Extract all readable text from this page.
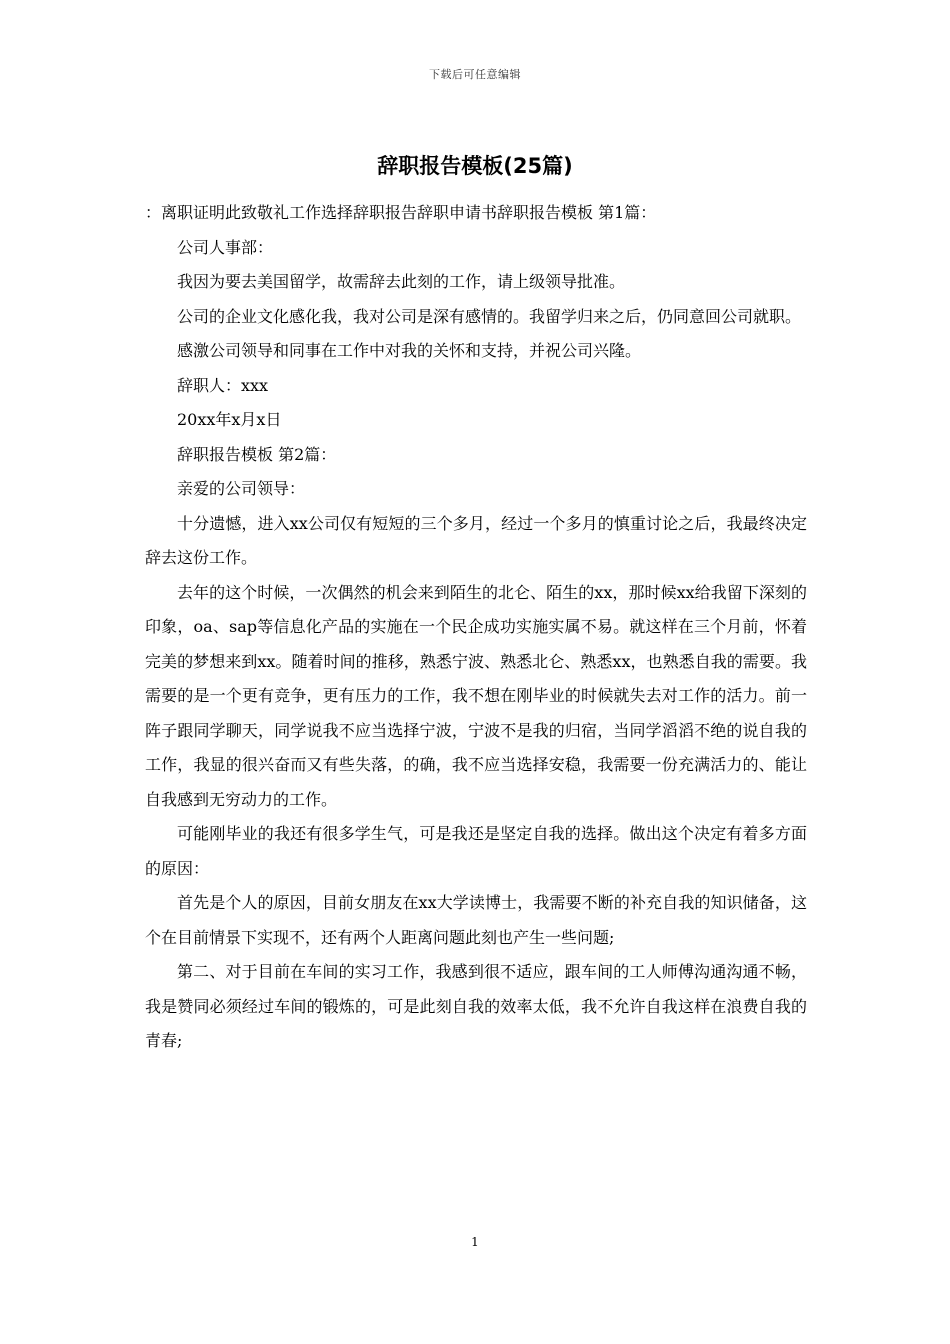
下载后可任意编辑
辞职报告模板(25篇)

：离职证明此致敬礼工作选择辞职报告辞职申请书辞职报告模板 第1篇：

公司人事部：

我因为要去美国留学，故需辞去此刻的工作，请上级领导批准。

公司的企业文化感化我，我对公司是深有感情的。我留学归来之后，仍同意回公司就职。

感激公司领导和同事在工作中对我的关怀和支持，并祝公司兴隆。

辞职人：xxx

20xx年x月x日

辞职报告模板 第2篇：

亲爱的公司领导：

十分遗憾，进入xx公司仅有短短的三个多月，经过一个多月的慎重讨论之后，我最终决定辞去这份工作。

去年的这个时候，一次偶然的机会来到陌生的北仑、陌生的xx，那时候xx给我留下深刻的印象，oa、sap等信息化产品的实施在一个民企成功实施实属不易。就这样在三个月前，怀着完美的梦想来到xx。随着时间的推移，熟悉宁波、熟悉北仑、熟悉xx，也熟悉自我的需要。我需要的是一个更有竞争，更有压力的工作，我不想在刚毕业的时候就失去对工作的活力。前一阵子跟同学聊天，同学说我不应当选择宁波，宁波不是我的归宿，当同学滔滔不绝的说自我的工作，我显的很兴奋而又有些失落，的确，我不应当选择安稳，我需要一份充满活力的、能让自我感到无穷动力的工作。

可能刚毕业的我还有很多学生气，可是我还是坚定自我的选择。做出这个决定有着多方面的原因：

首先是个人的原因，目前女朋友在xx大学读博士，我需要不断的补充自我的知识储备，这个在目前情景下实现不，还有两个人距离问题此刻也产生一些问题;

第二、对于目前在车间的实习工作，我感到很不适应，跟车间的工人师傅沟通沟通不畅，我是赞同必须经过车间的锻炼的，可是此刻自我的效率太低，我不允许自我这样在浪费自我的青春;

1
